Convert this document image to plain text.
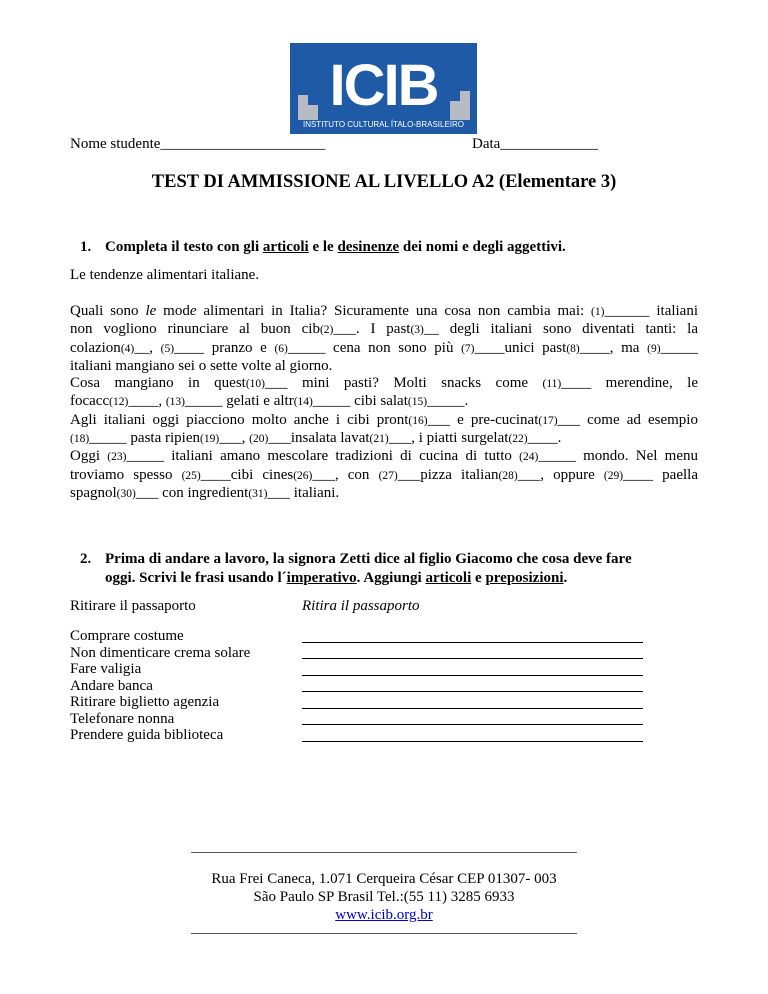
ICIB
INSTITUTO CULTURAL ÍTALO-BRASILEIRO
Nome studente______________________	Data_____________
TEST DI AMMISSIONE AL LIVELLO A2 (Elementare 3)
1. Completa il testo con gli articoli e le desinenze dei nomi e degli aggettivi.
Le tendenze alimentari italiane.
Quali sono le mode alimentari in Italia? Sicuramente una cosa non cambia mai: (1)______ italiani
non vogliono rinunciare al buon cib(2)___. I past(3)__ degli italiani sono diventati tanti: la
colazion(4)__, (5)____ pranzo e (6)_____ cena non sono più (7)____unici past(8)____, ma (9)_____
italiani mangiano sei o sette volte al giorno.
Cosa mangiano in quest(10)___ mini pasti? Molti snacks come (11)____ merendine, le
focacc(12)____, (13)_____ gelati e altr(14)_____ cibi salat(15)_____.
Agli italiani oggi piacciono molto anche i cibi pront(16)___ e pre-cucinat(17)___ come ad esempio
(18)_____ pasta ripien(19)___, (20)___insalata lavat(21)___, i piatti surgelat(22)____.
Oggi (23)_____ italiani amano mescolare tradizioni di cucina di tutto (24)_____ mondo. Nel menu
troviamo spesso (25)____cibi cines(26)___, con (27)___pizza italian(28)___, oppure (29)____ paella
spagnol(30)___ con ingredient(31)___ italiani.
2. Prima di andare a lavoro, la signora Zetti dice al figlio Giacomo che cosa deve fare
oggi. Scrivi le frasi usando l´imperativo. Aggiungi articoli e preposizioni.
Ritirare il passaporto	Ritira il passaporto
Comprare costume
Non dimenticare crema solare
Fare valigia
Andare banca
Ritirare biglietto agenzia
Telefonare nonna
Prendere guida biblioteca
Rua Frei Caneca, 1.071 Cerqueira César CEP 01307- 003
São Paulo SP Brasil Tel.:(55 11) 3285 6933
www.icib.org.br
